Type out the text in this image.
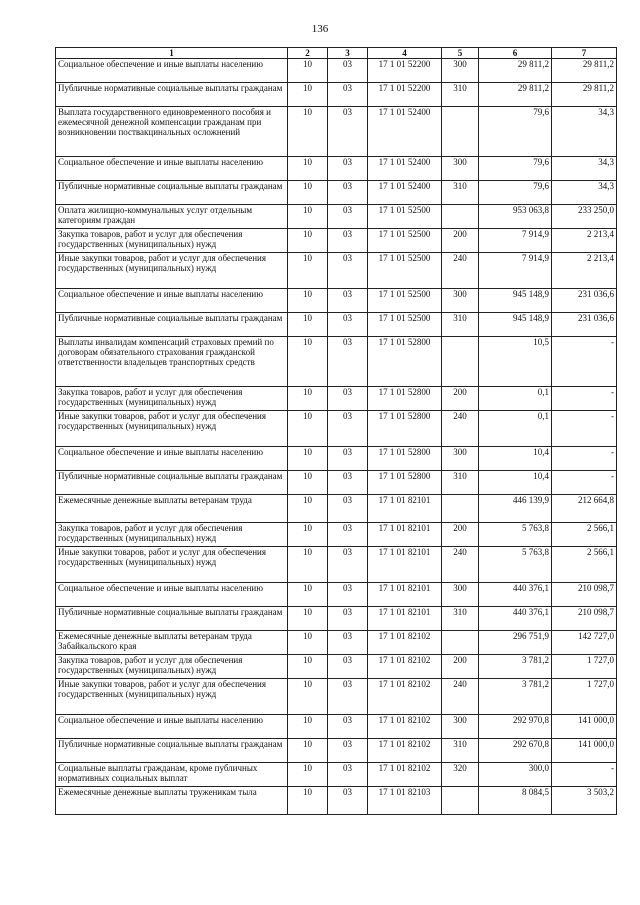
136
1	2	3	4	5	6	7
Социальное обеспечение и иные выплаты населению	10	03	17 1 01 52200	300	29 811,2	29 811,2
Публичные нормативные социальные выплаты гражданам	10	03	17 1 01 52200	310	29 811,2	29 811,2
Выплата государственного единовременного пособия и ежемесячной денежной компенсации гражданам при возникновении поствакцинальных осложнений	10	03	17 1 01 52400		79,6	34,3
Социальное обеспечение и иные выплаты населению	10	03	17 1 01 52400	300	79,6	34,3
Публичные нормативные социальные выплаты гражданам	10	03	17 1 01 52400	310	79,6	34,3
Оплата жилищно-коммунальных услуг отдельным категориям граждан	10	03	17 1 01 52500		953 063,8	233 250,0
Закупка товаров, работ и услуг для обеспечения государственных (муниципальных) нужд	10	03	17 1 01 52500	200	7 914,9	2 213,4
Иные закупки товаров, работ и услуг для обеспечения государственных (муниципальных) нужд	10	03	17 1 01 52500	240	7 914,9	2 213,4
Социальное обеспечение и иные выплаты населению	10	03	17 1 01 52500	300	945 148,9	231 036,6
Публичные нормативные социальные выплаты гражданам	10	03	17 1 01 52500	310	945 148,9	231 036,6
Выплаты инвалидам компенсаций страховых премий по договорам обязательного страхования гражданской ответственности владельцев транспортных средств	10	03	17 1 01 52800		10,5	-
Закупка товаров, работ и услуг для обеспечения государственных (муниципальных) нужд	10	03	17 1 01 52800	200	0,1	-
Иные закупки товаров, работ и услуг для обеспечения государственных (муниципальных) нужд	10	03	17 1 01 52800	240	0,1	-
Социальное обеспечение и иные выплаты населению	10	03	17 1 01 52800	300	10,4	-
Публичные нормативные социальные выплаты гражданам	10	03	17 1 01 52800	310	10,4	-
Ежемесячные денежные выплаты ветеранам труда	10	03	17 1 01 82101		446 139,9	212 664,8
Закупка товаров, работ и услуг для обеспечения государственных (муниципальных) нужд	10	03	17 1 01 82101	200	5 763,8	2 566,1
Иные закупки товаров, работ и услуг для обеспечения государственных (муниципальных) нужд	10	03	17 1 01 82101	240	5 763,8	2 566,1
Социальное обеспечение и иные выплаты населению	10	03	17 1 01 82101	300	440 376,1	210 098,7
Публичные нормативные социальные выплаты гражданам	10	03	17 1 01 82101	310	440 376,1	210 098,7
Ежемесячные денежные выплаты ветеранам труда Забайкальского края	10	03	17 1 01 82102		296 751,9	142 727,0
Закупка товаров, работ и услуг для обеспечения государственных (муниципальных) нужд	10	03	17 1 01 82102	200	3 781,2	1 727,0
Иные закупки товаров, работ и услуг для обеспечения государственных (муниципальных) нужд	10	03	17 1 01 82102	240	3 781,2	1 727,0
Социальное обеспечение и иные выплаты населению	10	03	17 1 01 82102	300	292 970,8	141 000,0
Публичные нормативные социальные выплаты гражданам	10	03	17 1 01 82102	310	292 670,8	141 000,0
Социальные выплаты гражданам, кроме публичных нормативных социальных выплат	10	03	17 1 01 82102	320	300,0	-
Ежемесячные денежные выплаты труженикам тыла	10	03	17 1 01 82103		8 084,5	3 503,2
